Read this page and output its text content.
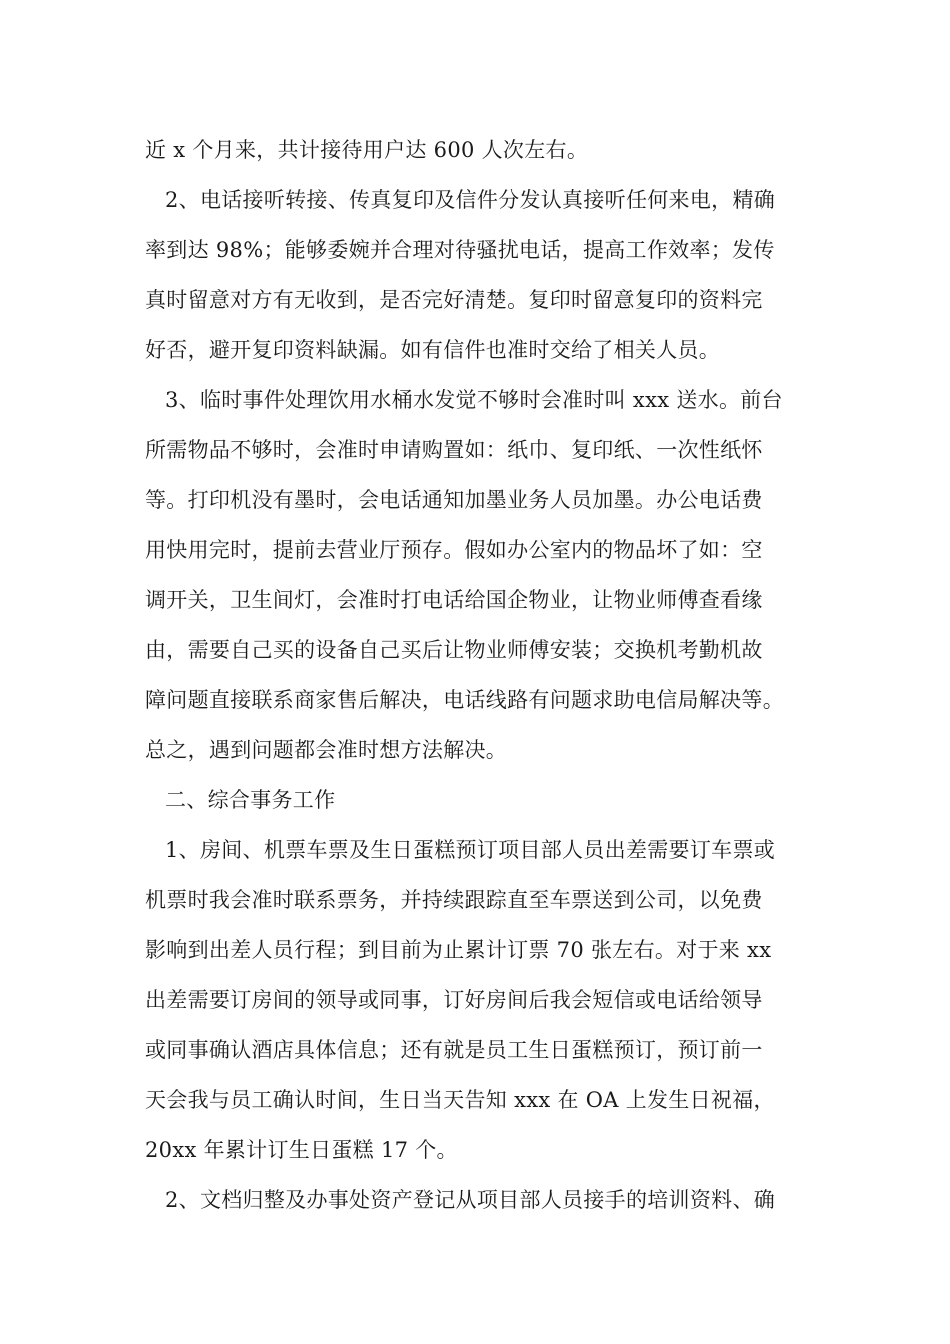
近 x 个月来，共计接待用户达 600 人次左右。
2、电话接听转接、传真复印及信件分发认真接听任何来电，精确
率到达 98%；能够委婉并合理对待骚扰电话，提高工作效率；发传
真时留意对方有无收到，是否完好清楚。复印时留意复印的资料完
好否，避开复印资料缺漏。如有信件也准时交给了相关人员。
3、临时事件处理饮用水桶水发觉不够时会准时叫 xxx 送水。前台
所需物品不够时，会准时申请购置如：纸巾、复印纸、一次性纸怀
等。打印机没有墨时，会电话通知加墨业务人员加墨。办公电话费
用快用完时，提前去营业厅预存。假如办公室内的物品坏了如：空
调开关，卫生间灯，会准时打电话给国企物业，让物业师傅查看缘
由，需要自己买的设备自己买后让物业师傅安装；交换机考勤机故
障问题直接联系商家售后解决，电话线路有问题求助电信局解决等。
总之，遇到问题都会准时想方法解决。
二、综合事务工作
1、房间、机票车票及生日蛋糕预订项目部人员出差需要订车票或
机票时我会准时联系票务，并持续跟踪直至车票送到公司，以免费
影响到出差人员行程；到目前为止累计订票 70 张左右。对于来 xx
出差需要订房间的领导或同事，订好房间后我会短信或电话给领导
或同事确认酒店具体信息；还有就是员工生日蛋糕预订，预订前一
天会我与员工确认时间，生日当天告知 xxx 在 OA 上发生日祝福，
20xx 年累计订生日蛋糕 17 个。
2、文档归整及办事处资产登记从项目部人员接手的培训资料、确
